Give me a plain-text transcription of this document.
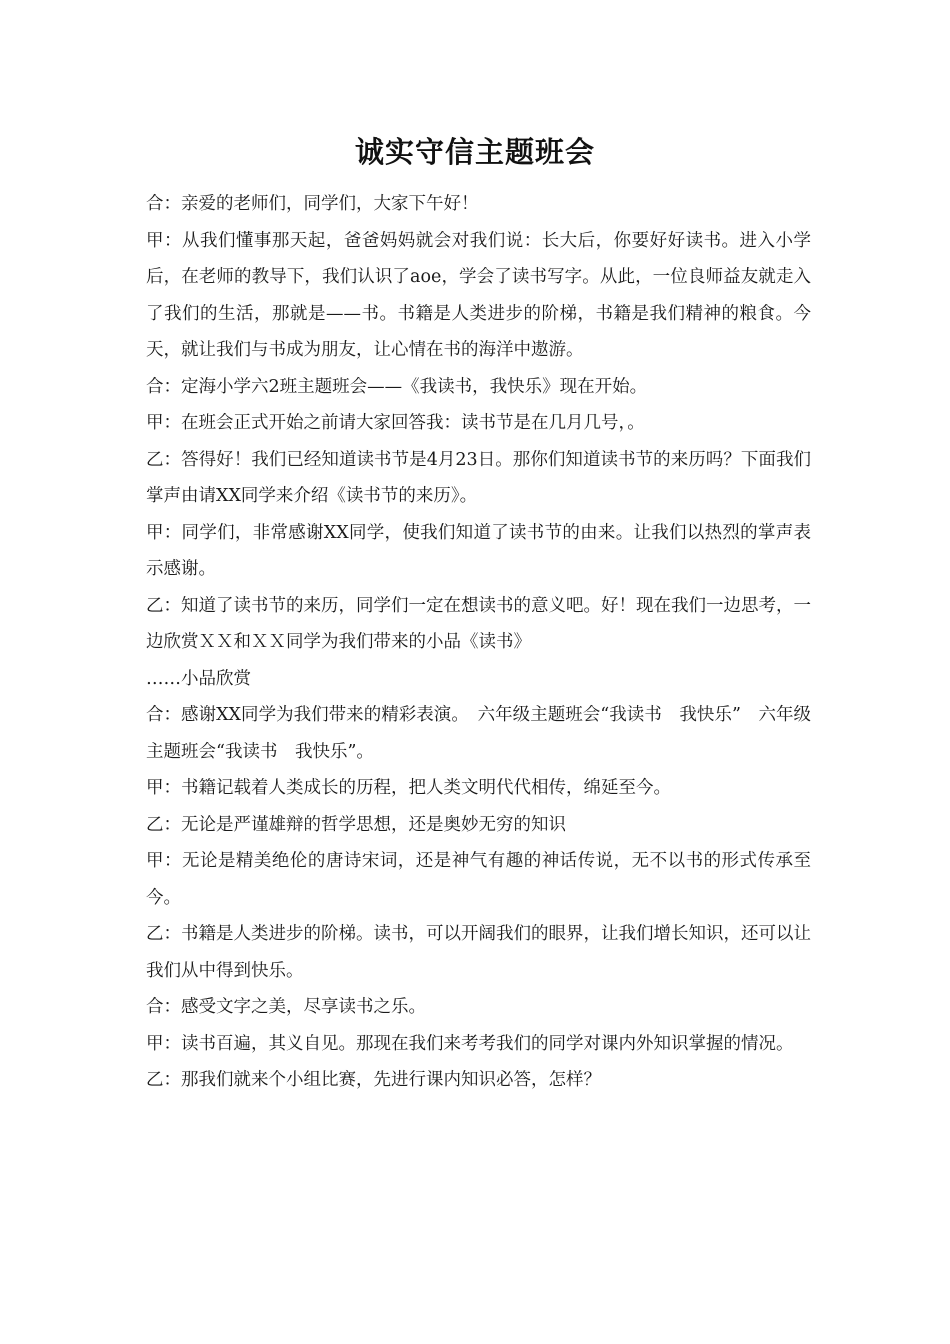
诚实守信主题班会

合：亲爱的老师们，同学们，大家下午好！

甲：从我们懂事那天起，爸爸妈妈就会对我们说：长大后，你要好好读书。进入小学后，在老师的教导下，我们认识了aoe，学会了读书写字。从此，一位良师益友就走入了我们的生活，那就是——书。书籍是人类进步的阶梯，书籍是我们精神的粮食。今天，就让我们与书成为朋友，让心情在书的海洋中遨游。

合：定海小学六2班主题班会——《我读书，我快乐》现在开始。

甲：在班会正式开始之前请大家回答我：读书节是在几月几号，。

乙：答得好！我们已经知道读书节是4月23日。那你们知道读书节的来历吗？下面我们掌声由请XX同学来介绍《读书节的来历》。

甲：同学们，非常感谢XX同学，使我们知道了读书节的由来。让我们以热烈的掌声表示感谢。

乙：知道了读书节的来历，同学们一定在想读书的意义吧。好！现在我们一边思考，一边欣赏ＸＸ和ＸＸ同学为我们带来的小品《读书》

……小品欣赏

合：感谢XX同学为我们带来的精彩表演。　六年级主题班会“我读书　我快乐”　六年级主题班会“我读书　我快乐”。

甲：书籍记载着人类成长的历程，把人类文明代代相传，绵延至今。

乙：无论是严谨雄辩的哲学思想，还是奥妙无穷的知识

甲：无论是精美绝伦的唐诗宋词，还是神气有趣的神话传说，无不以书的形式传承至今。

乙：书籍是人类进步的阶梯。读书，可以开阔我们的眼界，让我们增长知识，还可以让我们从中得到快乐。

合：感受文字之美，尽享读书之乐。

甲：读书百遍，其义自见。那现在我们来考考我们的同学对课内外知识掌握的情况。

乙：那我们就来个小组比赛，先进行课内知识必答，怎样？
